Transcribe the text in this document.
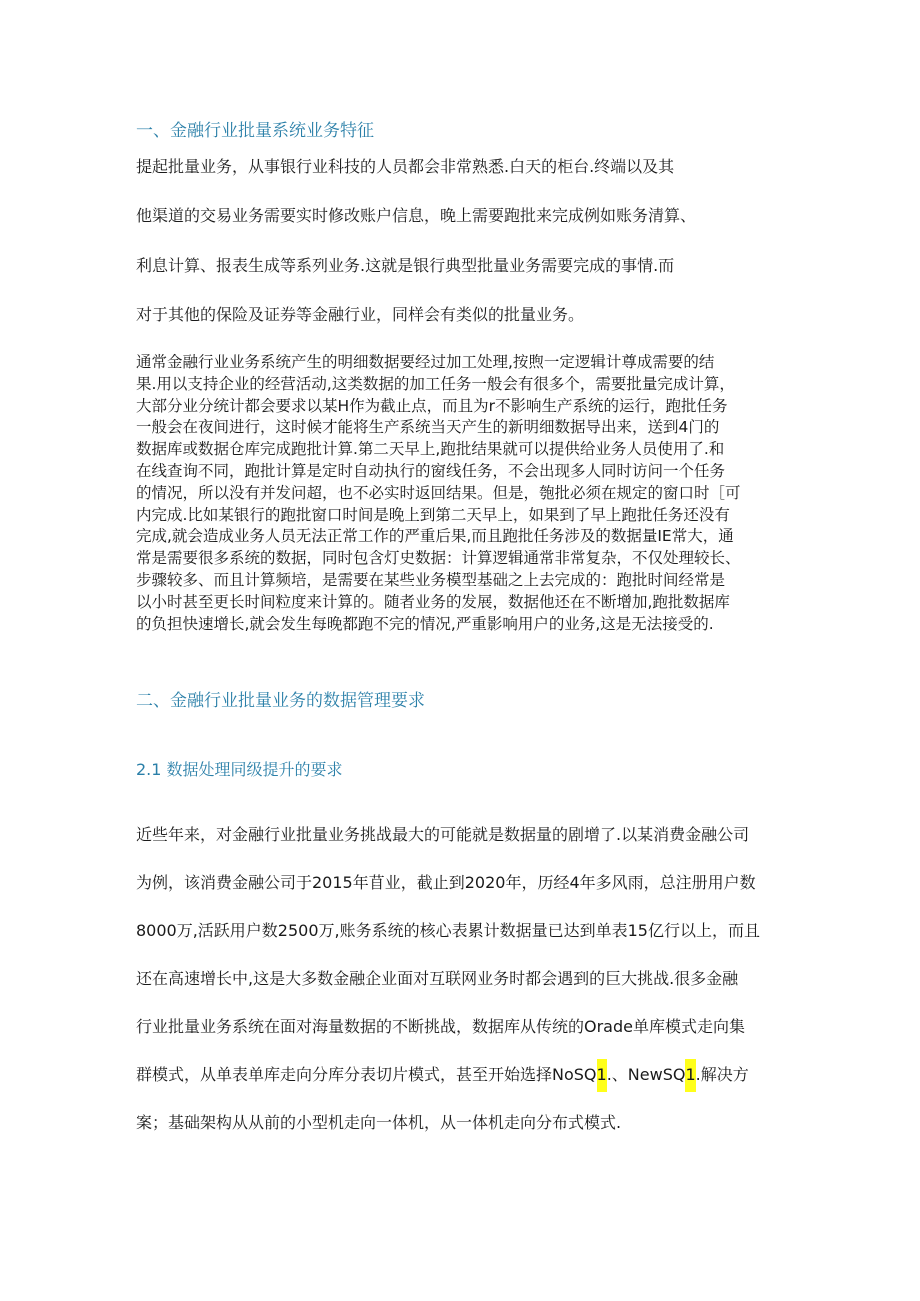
一、金融行业批量系统业务特征
提起批量业务，从事银行业科技的人员都会非常熟悉.白天的柜台.终端以及其
他渠道的交易业务需要实时修改账户信息，晚上需要跑批来完成例如账务清算、
利息计算、报表生成等系列业务.这就是银行典型批量业务需要完成的事情.而
对于其他的保险及证券等金融行业，同样会有类似的批量业务。
通常金融行业业务系统产生的明细数据要经过加工处理,按煦一定逻辑计尊成需要的结
果.用以支持企业的经营活动,这类数据的加工任务一般会有很多个，需要批量完成计算，
大部分业分统计都会要求以某H作为截止点，而且为r不影响生产系统的运行，跑批任务
一般会在夜间进行，这时候才能将生产系统当天产生的新明细数据导出来，送到4门的
数据库或数据仓库完成跑批计算.第二天早上,跑批结果就可以提供给业务人员使用了.和
在线查询不同，跑批计算是定时自动执行的窗线任务，不会出现多人同时访问一个任务
的情况，所以没有并发问超，也不必实时返回结果。但是，匏批必须在规定的窗口时［可
内完成.比如某银行的跑批窗口时间是晚上到第二天早上，如果到了早上跑批任务还没有
完成,就会造成业务人员无法正常工作的严重后果,而且跑批任务涉及的数据量IE常大，通
常是需要很多系统的数据，同时包含灯史数据：计算逻辑通常非常复杂，不仅处理较长、
步骤较多、而且计算频培，是需要在某些业务模型基础之上去完成的：跑批时间经常是
以小时甚至更长时间粒度来计算的。随者业务的发展，数据他还在不断增加,跑批数据库
的负担快速增长,就会发生每晚都跑不完的情况,严重影响用户的业务,这是无法接受的.
二、金融行业批量业务的数据管理要求
2.1 数据处理同级提升的要求
近些年来，对金融行业批量业务挑战最大的可能就是数据量的剧增了.以某消费金融公司
为例，该消费金融公司于2015年苜业，截止到2020年，历经4年多风雨，总注册用户数
8000万,活跃用户数2500万,账务系统的核心表累计数据量已达到单表15亿行以上，而且
还在高速增长中,这是大多数金融企业面对互联网业务时都会遇到的巨大挑战.很多金融
行业批量业务系统在面对海量数据的不断挑战，数据库从传统的Orade单库模式走向集
群模式，从单表单库走向分库分表切片模式，甚至开始选择NoSQ1.、NewSQ1.解决方
案；基础架构从从前的小型机走向一体机，从一体机走向分布式模式.
